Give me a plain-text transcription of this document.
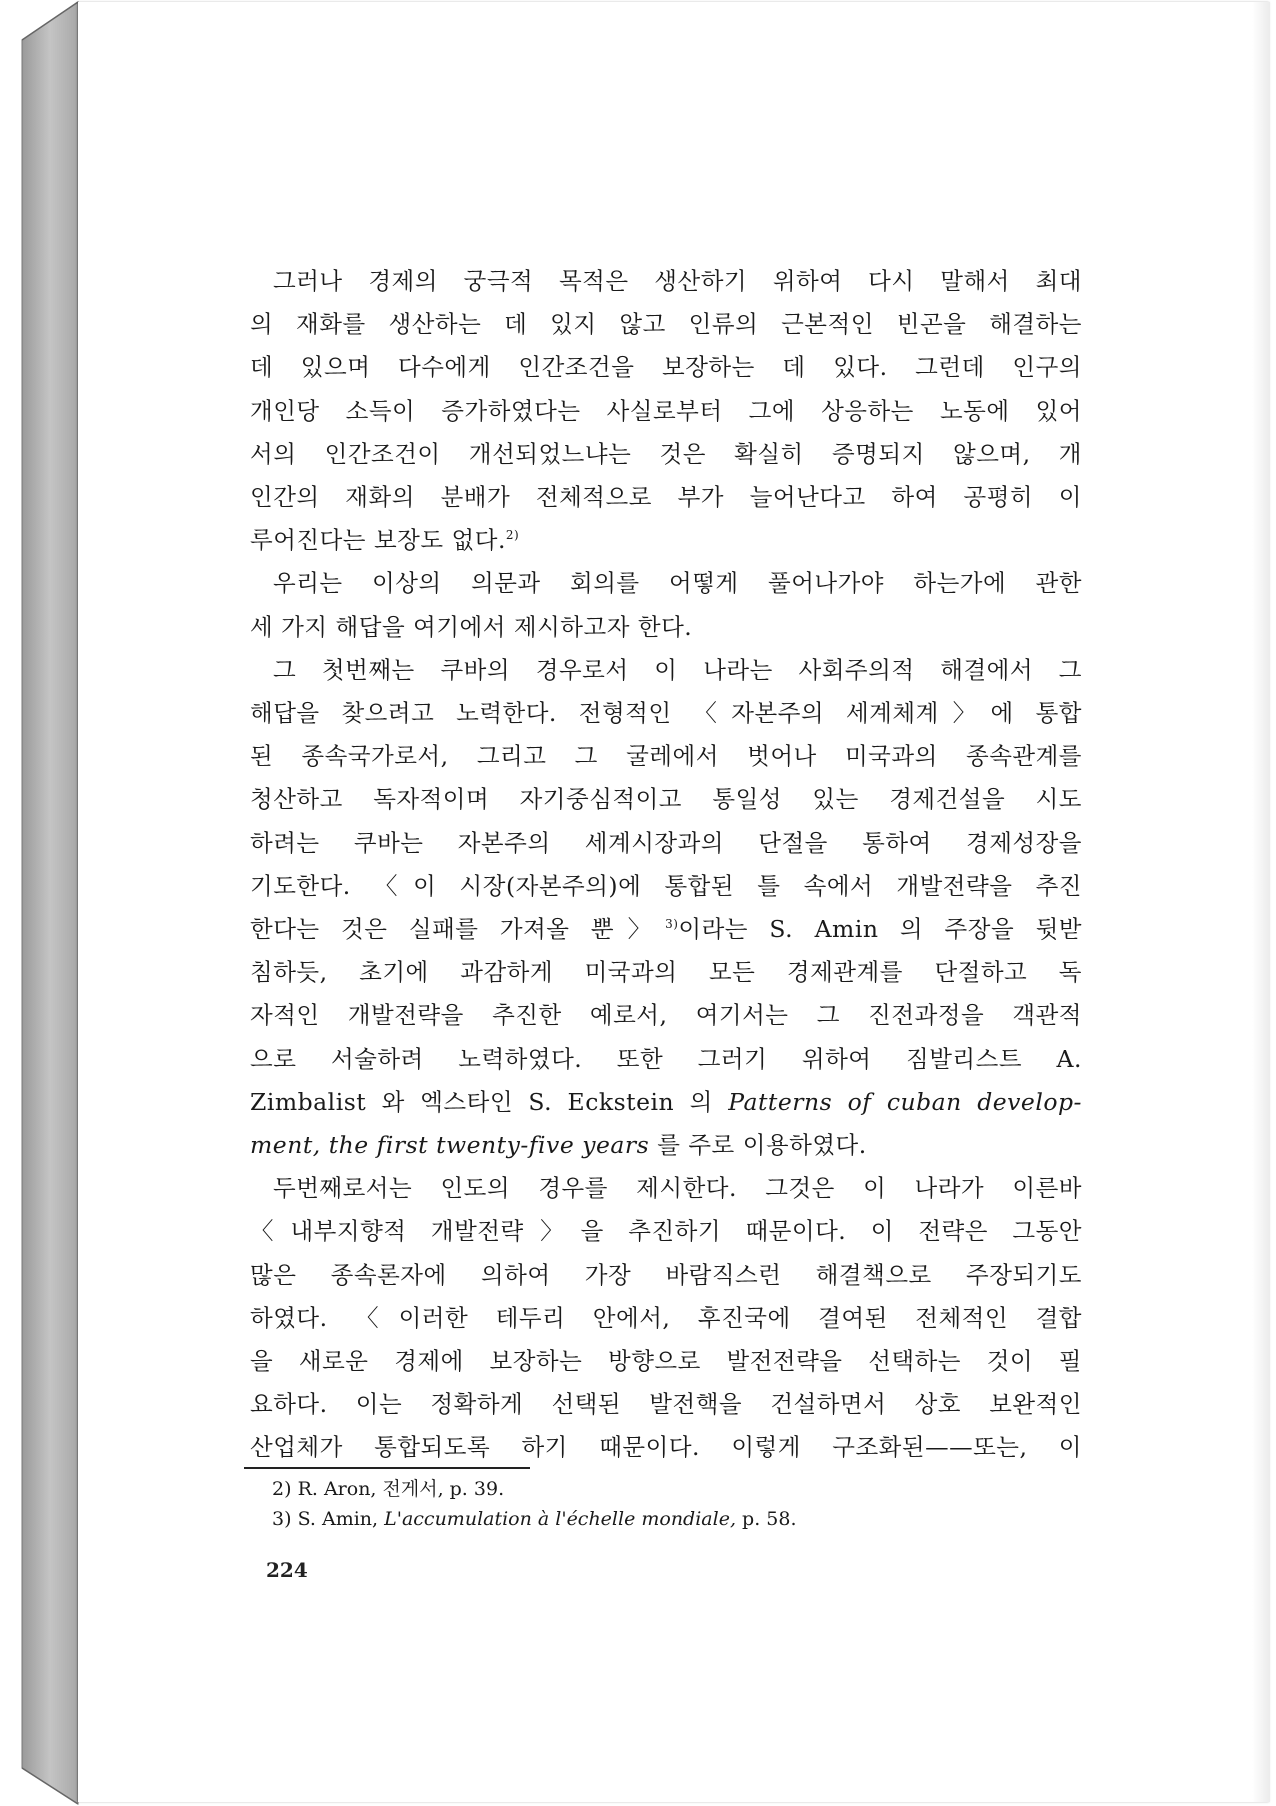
그러나 경제의 궁극적 목적은 생산하기 위하여 다시 말해서 최대
의 재화를 생산하는 데 있지 않고 인류의 근본적인 빈곤을 해결하는
데 있으며 다수에게 인간조건을 보장하는 데 있다. 그런데 인구의
개인당 소득이 증가하였다는 사실로부터 그에 상응하는 노동에 있어
서의 인간조건이 개선되었느냐는 것은 확실히 증명되지 않으며, 개
인간의 재화의 분배가 전체적으로 부가 늘어난다고 하여 공평히 이
루어진다는 보장도 없다.$^{2)}$
우리는 이상의 의문과 회의를 어떻게 풀어나가야 하는가에 관한
세 가지 해답을 여기에서 제시하고자 한다.
그 첫번째는 쿠바의 경우로서 이 나라는 사회주의적 해결에서 그
해답을 찾으려고 노력한다. 전형적인 〈자본주의 세계체계〉에 통합
된 종속국가로서, 그리고 그 굴레에서 벗어나 미국과의 종속관계를
청산하고 독자적이며 자기중심적이고 통일성 있는 경제건설을 시도
하려는 쿠바는 자본주의 세계시장과의 단절을 통하여 경제성장을
기도한다. 〈이 시장(자본주의)에 통합된 틀 속에서 개발전략을 추진
한다는 것은 실패를 가져올 뿐〉$^{3)}$이라는 S. Amin 의 주장을 뒷받
침하듯, 초기에 과감하게 미국과의 모든 경제관계를 단절하고 독
자적인 개발전략을 추진한 예로서, 여기서는 그 진전과정을 객관적
으로 서술하려 노력하였다. 또한 그러기 위하여 짐발리스트 A.
Zimbalist 와 엑스타인 S. Eckstein 의 Patterns of cuban develop-
ment, the first twenty-five years 를 주로 이용하였다.
두번째로서는 인도의 경우를 제시한다. 그것은 이 나라가 이른바
〈내부지향적 개발전략〉을 추진하기 때문이다. 이 전략은 그동안
많은 종속론자에 의하여 가장 바람직스런 해결책으로 주장되기도
하였다. 〈이러한 테두리 안에서, 후진국에 결여된 전체적인 결합
을 새로운 경제에 보장하는 방향으로 발전전략을 선택하는 것이 필
요하다. 이는 정확하게 선택된 발전핵을 건설하면서 상호 보완적인
산업체가 통합되도록 하기 때문이다. 이렇게 구조화된——또는, 이
2) R. Aron, 전게서, p. 39.
3) S. Amin, L'accumulation à l'échelle mondiale, p. 58.
224
